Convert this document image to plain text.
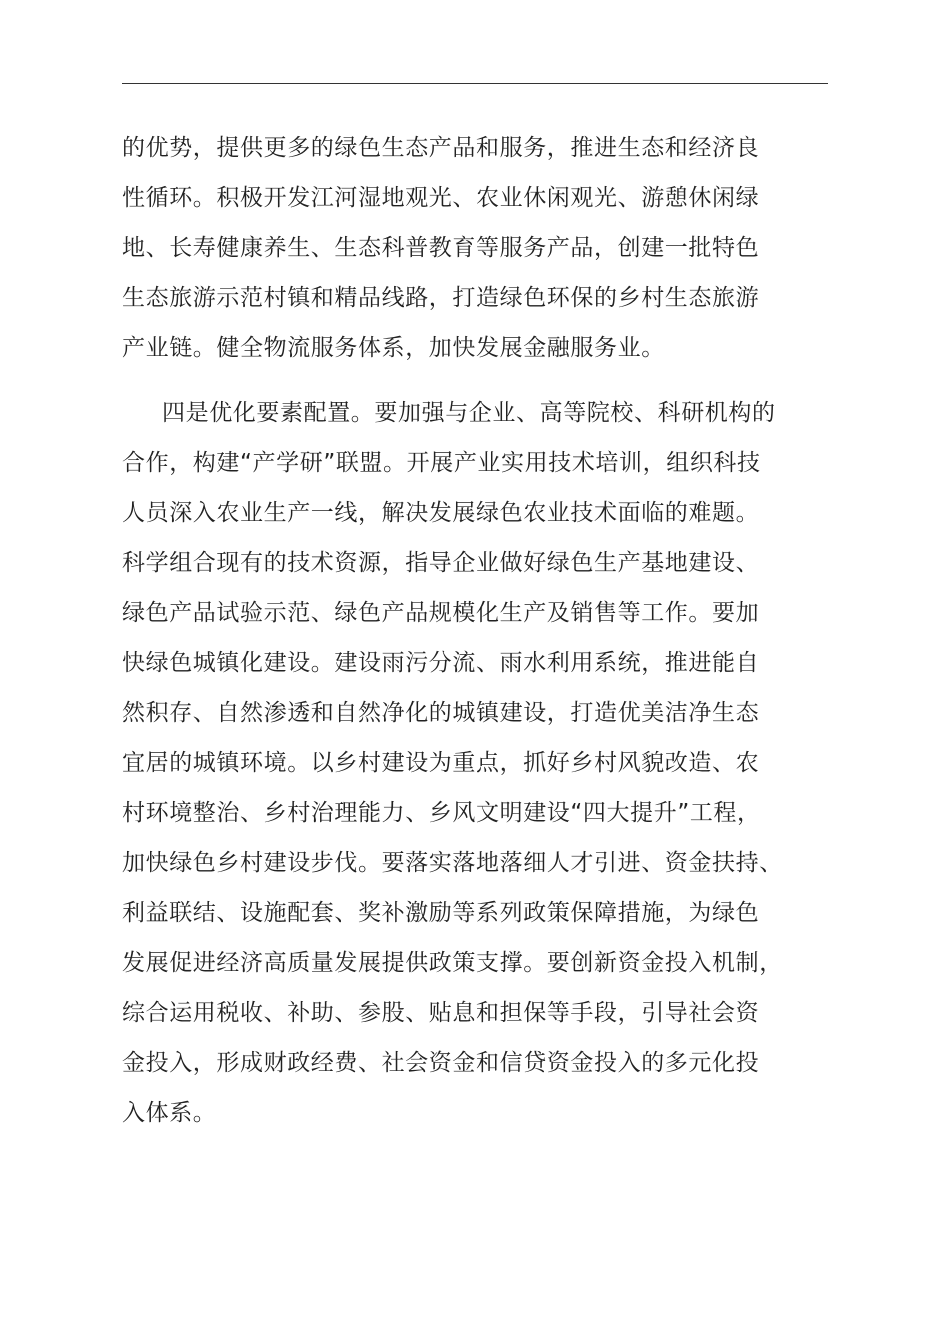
的优势，提供更多的绿色生态产品和服务，推进生态和经济良
性循环。积极开发江河湿地观光、农业休闲观光、游憩休闲绿
地、长寿健康养生、生态科普教育等服务产品，创建一批特色
生态旅游示范村镇和精品线路，打造绿色环保的乡村生态旅游
产业链。健全物流服务体系，加快发展金融服务业。
四是优化要素配置。要加强与企业、高等院校、科研机构的
合作，构建“产学研”联盟。开展产业实用技术培训，组织科技
人员深入农业生产一线，解决发展绿色农业技术面临的难题。
科学组合现有的技术资源，指导企业做好绿色生产基地建设、
绿色产品试验示范、绿色产品规模化生产及销售等工作。要加
快绿色城镇化建设。建设雨污分流、雨水利用系统，推进能自
然积存、自然渗透和自然净化的城镇建设，打造优美洁净生态
宜居的城镇环境。以乡村建设为重点，抓好乡村风貌改造、农
村环境整治、乡村治理能力、乡风文明建设“四大提升”工程，
加快绿色乡村建设步伐。要落实落地落细人才引进、资金扶持、
利益联结、设施配套、奖补激励等系列政策保障措施，为绿色
发展促进经济高质量发展提供政策支撑。要创新资金投入机制，
综合运用税收、补助、参股、贴息和担保等手段，引导社会资
金投入，形成财政经费、社会资金和信贷资金投入的多元化投
入体系。
